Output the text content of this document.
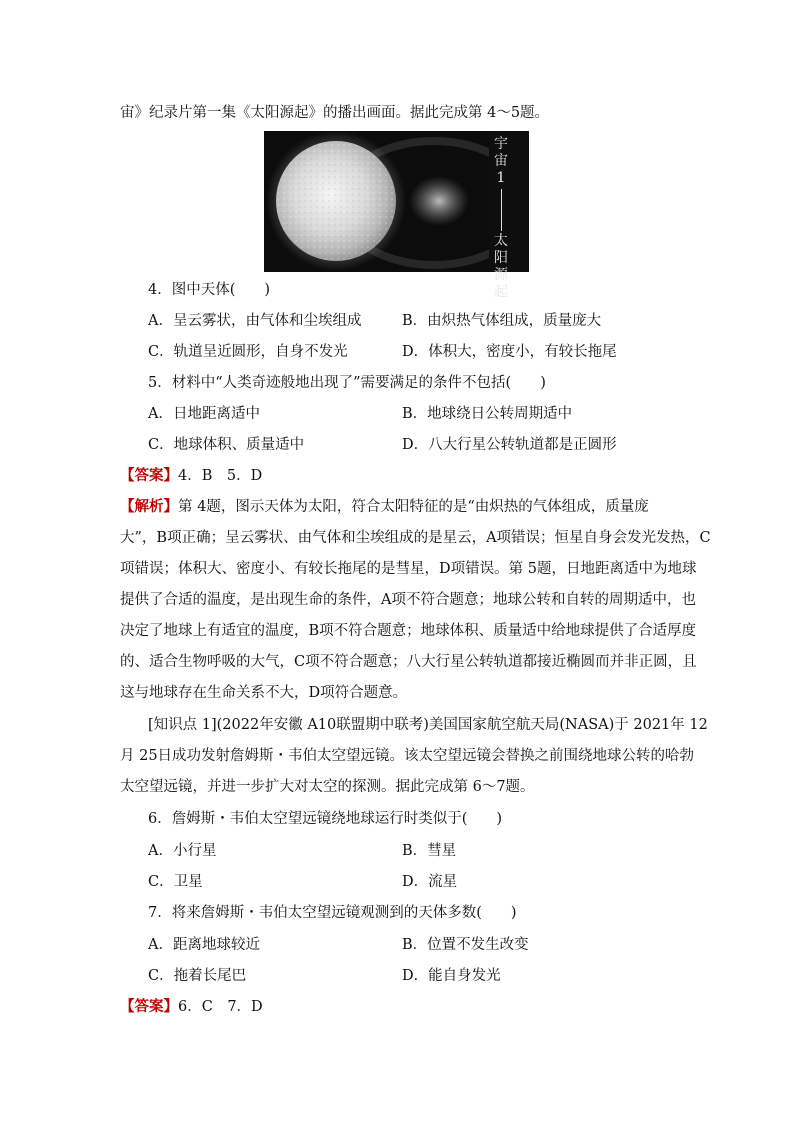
宙》纪录片第一集《太阳源起》的播出画面。据此完成第 4～5题。
宇
宙
1
太
阳
源
起
4．图中天体(　　)
A．呈云雾状，由气体和尘埃组成	B．由炽热气体组成，质量庞大
C．轨道呈近圆形，自身不发光	D．体积大，密度小，有较长拖尾
5．材料中“人类奇迹般地出现了”需要满足的条件不包括(　　)
A．日地距离适中	B．地球绕日公转周期适中
C．地球体积、质量适中	D．八大行星公转轨道都是正圆形
【答案】4．B　5．D
【解析】第 4题，图示天体为太阳，符合太阳特征的是“由炽热的气体组成，质量庞
大”，B项正确；呈云雾状、由气体和尘埃组成的是星云，A项错误；恒星自身会发光发热，C
项错误；体积大、密度小、有较长拖尾的是彗星，D项错误。第 5题，日地距离适中为地球
提供了合适的温度，是出现生命的条件，A项不符合题意；地球公转和自转的周期适中，也
决定了地球上有适宜的温度，B项不符合题意；地球体积、质量适中给地球提供了合适厚度
的、适合生物呼吸的大气，C项不符合题意；八大行星公转轨道都接近椭圆而并非正圆，且
这与地球存在生命关系不大，D项符合题意。
[知识点 1](2022年安徽 A10联盟期中联考)美国国家航空航天局(NASA)于 2021年 12
月 25日成功发射詹姆斯・韦伯太空望远镜。该太空望远镜会替换之前围绕地球公转的哈勃
太空望远镜，并进一步扩大对太空的探测。据此完成第 6～7题。
6．詹姆斯・韦伯太空望远镜绕地球运行时类似于(　　)
A．小行星	B．彗星
C．卫星	D．流星
7．将来詹姆斯・韦伯太空望远镜观测到的天体多数(　　)
A．距离地球较近	B．位置不发生改变
C．拖着长尾巴	D．能自身发光
【答案】6．C　7．D
